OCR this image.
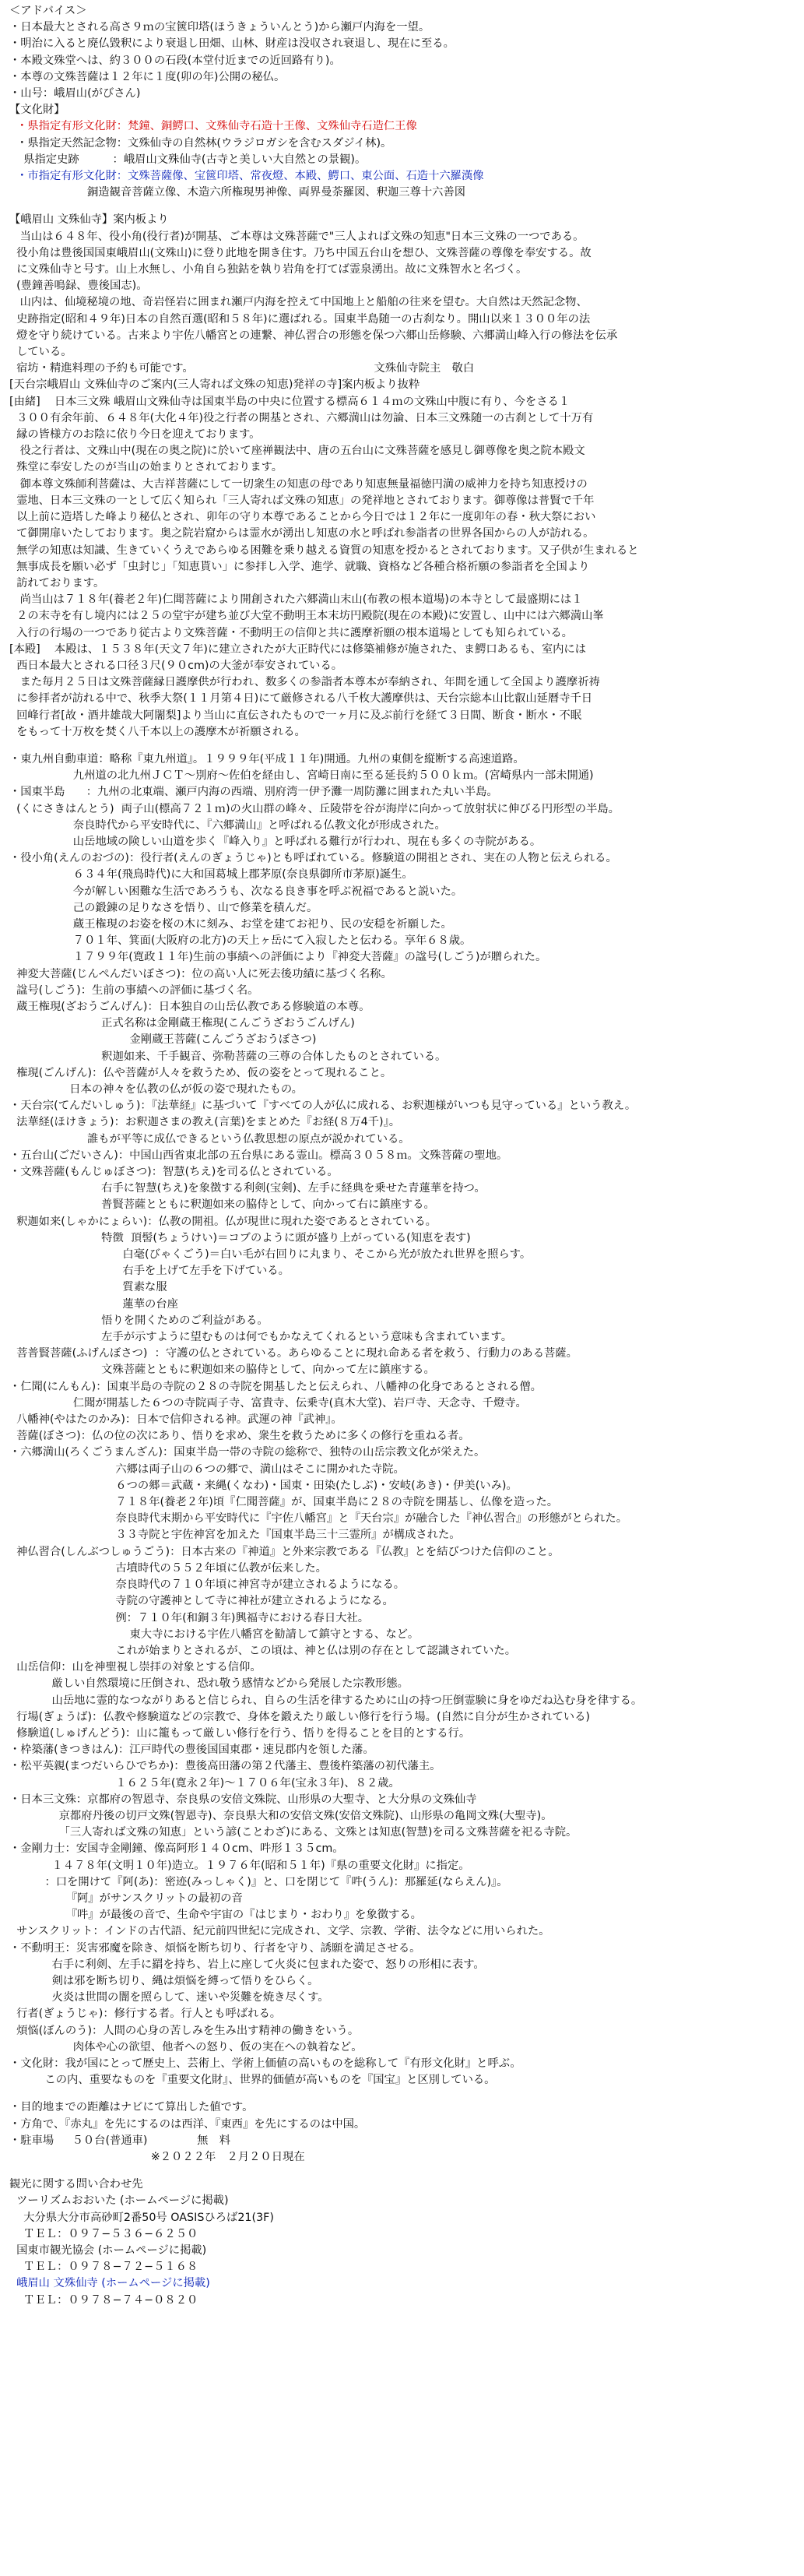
＜アドバイス＞

・日本最大とされる高さ９ｍの宝篋印塔(ほうきょういんとう)から瀬戸内海を一望。

・明治に入ると廃仏毀釈により衰退し田畑、山林、財産は没収され衰退し、現在に至る。

・本殿文殊堂へは、約３００の石段(本堂付近までの近回路有り)。

・本尊の文殊菩薩は１２年に１度(卯の年)公開の秘仏。

・山号：峨眉山(がびさん)

【文化財】

・県指定有形文化財：梵鐘、銅鰐口、文殊仙寺石造十王像、文殊仙寺石造仁王像

・県指定天然記念物：文殊仙寺の自然林(ウラジロガシを含むスダジイ林)。

県指定史跡　　　：峨眉山文殊仙寺(古寺と美しい大自然との景観)。

・市指定有形文化財：文殊菩薩像、宝篋印塔、常夜燈、本殿、鰐口、東公面、石造十六羅漢像

銅造観音菩薩立像、木造六所権現男神像、両界曼荼羅図、釈迦三尊十六善図

【峨眉山 文殊仙寺】案内板より

当山は６４８年、役小角(役行者)が開基、ご本尊は文殊菩薩で"三人よれば文殊の知恵"日本三文殊の一つである。

役小角は豊後国国東峨眉山(文殊山)に登り此地を開き住す。乃ち中国五台山を想ひ、文殊菩薩の尊像を奉安する。故

に文殊仙寺と号す。山上水無し、小角自ら独鈷を執り岩角を打てば霊泉湧出。故に文殊智水と名づく。

(豊鐘善鳴録、豊後国志)。

山内は、仙境秘境の地、奇岩怪岩に囲まれ瀬戸内海を控えて中国地上と船舶の往来を望む。大自然は天然記念物、

史跡指定(昭和４９年)日本の自然百選(昭和５８年)に選ばれる。国東半島随一の古刹なり。開山以来１３００年の法

燈を守り続けている。古来より宇佐八幡宮との連繋、神仏習合の形態を保つ六郷山岳修験、六郷満山峰入行の修法を伝承

している。

宿坊・精進料理の予約も可能です。                                                   文殊仙寺院主　敬白

[天台宗峨眉山 文殊仙寺のご案内(三人寄れば文殊の知恵)発祥の寺]案内板より抜粋

[由緒]    日本三文殊 峨眉山文殊仙寺は国東半島の中央に位置する標高６１４ｍの文殊山中腹に有り、今をさる１

３００有余年前、６４８年(大化４年)役之行者の開基とされ、六郷満山は勿論、日本三文殊随一の古刹として十万有

縁の皆様方のお陰に依り今日を迎えております。

役之行者は、文殊山中(現在の奥之院)に於いて座禅観法中、唐の五台山に文殊菩薩を感見し御尊像を奥之院本殿文

殊堂に奉安したのが当山の始まりとされております。

御本尊文殊師利菩薩は、大吉祥菩薩にして一切衆生の知恵の母であり知恵無量福徳円満の威神力を持ち知恵授けの

霊地、日本三文殊の一として広く知られ「三人寄れば文殊の知恵」の発祥地とされております。御尊像は普賢で千年

以上前に造塔した峰より秘仏とされ、卯年の守り本尊であることから今日では１２年に一度卯年の春・秋大祭におい

て御開扉いたしております。奥之院岩窟からは霊水が湧出し知恵の水と呼ばれ参詣者の世界各国からの人が訪れる。

無学の知恵は知識、生きていくうえであらゆる困難を乗り越える資質の知恵を授かるとされております。又子供が生まれると

無事成長を願い必ず「虫封じ」「知恵貰い」に参拝し入学、進学、就職、資格など各種合格祈願の参詣者を全国より

訪れております。

尚当山は７１８年(養老２年)仁聞菩薩により開創された六郷満山末山(布教の根本道場)の本寺として最盛期には１

２の末寺を有し境内には２５の堂宇が建ち並び大堂不動明王本末坊円殿院(現在の本殿)に安置し、山中には六郷満山峯

入行の行場の一つであり従古より文殊菩薩・不動明王の信仰と共に護摩祈願の根本道場としても知られている。

[本殿]    本殿は、１５３８年(天文７年)に建立されたが大正時代には修築補修が施された、ま鰐口あるも、室内には

西日本最大とされる口径３尺(９０cm)の大釜が奉安されている。

また毎月２５日は文殊菩薩縁日護摩供が行われ、数多くの参詣者本尊本が奉納され、年間を通して全国より護摩祈祷

に参拝者が訪れる中で、秋季大祭(１１月第４日)にて厳修される八千枚大護摩供は、天台宗総本山比叡山延暦寺千日

回峰行者[故・酒井雄哉大阿闍梨]より当山に直伝されたもので一ヶ月に及ぶ前行を経て３日間、断食・断水・不眠

をもって十万枚を焚く八千本以上の護摩木が祈願される。

・東九州自動車道：略称『東九州道』。１９９９年(平成１１年)開通。九州の東側を縦断する高速道路。

九州道の北九州ＪＣＴ〜別府〜佐伯を経由し、宮崎日南に至る延長約５００ｋｍ。(宮崎県内一部未開通)

・国東半島      ：九州の北東端、瀬戸内海の西端、別府湾一伊予灘一周防灘に囲まれた丸い半島。

(くにさきはんとう)  両子山(標高７２１ｍ)の火山群の峰々、丘陵帯を谷が海岸に向かって放射状に伸びる円形型の半島。

奈良時代から平安時代に、『六郷満山』と呼ばれる仏教文化が形成された。

山岳地域の険しい山道を歩く『峰入り』と呼ばれる難行が行われ、現在も多くの寺院がある。

・役小角(えんのおづの)：役行者(えんのぎょうじゃ)とも呼ばれている。修験道の開祖とされ、実在の人物と伝えられる。

６３４年(飛鳥時代)に大和国葛城上郡茅原(奈良県御所市茅原)誕生。

今が解しい困難な生活であろうも、次なる良き事を呼ぶ祝福であると説いた。

己の鍛錬の足りなさを悟り、山で修業を積んだ。

蔵王権現のお姿を桜の木に刻み、お堂を建てお祀り、民の安穏を祈願した。

７０１年、箕面(大阪府の北方)の天上ヶ岳にて入寂したと伝わる。享年６８歳。

１７９９年(寛政１１年)生前の事績への評価により『神変大菩薩』の諡号(しごう)が贈られた。

神変大菩薩(じんぺんだいぼさつ)：位の高い人に死去後功績に基づく名称。

諡号(しごう)：生前の事績への評価に基づく名。

蔵王権現(ざおうごんげん)：日本独自の山岳仏教である修験道の本尊。

正式名称は金剛蔵王権現(こんごうざおうごんげん)

金剛蔵王菩薩(こんごうざおうぼさつ)

釈迦如来、千手観音、弥勒菩薩の三尊の合体したものとされている。

権現(ごんげん)：仏や菩薩が人々を救うため、仮の姿をとって現れること。

日本の神々を仏教の仏が仮の姿で現れたもの。

・天台宗(てんだいしゅう)：『法華経』に基づいて『すべての人が仏に成れる、お釈迦様がいつも見守っている』という教え。

法華経(ほけきょう)：お釈迦さまの教え(言葉)をまとめた『お経(８万4千)』。

誰もが平等に成仏できるという仏教思想の原点が説かれている。

・五台山(ごだいさん)：中国山西省東北部の五台県にある霊山。標高３０５８ｍ。文殊菩薩の聖地。

・文殊菩薩(もんじゅぼさつ)：智慧(ちえ)を司る仏とされている。

右手に智慧(ちえ)を象徴する利剣(宝剣)、左手に経典を乗せた青蓮華を持つ。

普賢菩薩とともに釈迦如来の脇侍として、向かって右に鎮座する。

釈迦如来(しゃかにょらい)：仏教の開祖。仏が現世に現れた姿であるとされている。

特徴  頂髻(ちょうけい)＝コブのように頭が盛り上がっている(知恵を表す)

白毫(びゃくごう)＝白い毛が右回りに丸まり、そこから光が放たれ世界を照らす。

右手を上げて左手を下げている。

質素な服

蓮華の台座

悟りを開くためのご利益がある。

左手が示すように望むものは何でもかなえてくれるという意味も含まれています。

菩普賢菩薩(ふげんぼさつ)  ：守護の仏とされている。あらゆることに現れ命ある者を救う、行動力のある菩薩。

文殊菩薩とともに釈迦如来の脇侍として、向かって左に鎮座する。

・仁聞(にんもん)：国東半島の寺院の２８の寺院を開基したと伝えられ、八幡神の化身であるとされる僧。

仁聞が開基した６つの寺院両子寺、富貴寺、伝乗寺(真木大堂)、岩戸寺、天念寺、千燈寺。

八幡神(やはたのかみ)：日本で信仰される神。武運の神『武神』。

菩薩(ぼさつ)：仏の位の次にあり、悟りを求め、衆生を救うために多くの修行を重ねる者。

・六郷満山(ろくごうまんざん)：国東半島一帯の寺院の総称で、独特の山岳宗教文化が栄えた。

六郷は両子山の６つの郷で、満山はそこに開かれた寺院。

６つの郷＝武蔵・来縄(くなわ)・国東・田染(たしぶ)・安岐(あき)・伊美(いみ)。

７１８年(養老２年)頃『仁聞菩薩』が、国東半島に２８の寺院を開基し、仏像を造った。

奈良時代末期から平安時代に『宇佐八幡宮』と『天台宗』が融合した『神仏習合』の形態がとられた。

３３寺院と宇佐神宮を加えた『国東半島三十三霊所』が構成された。

神仏習合(しんぶつしゅうごう)：日本古来の『神道』と外来宗教である『仏教』とを結びつけた信仰のこと。

古墳時代の５５２年頃に仏教が伝来した。

奈良時代の７１０年頃に神宮寺が建立されるようになる。

寺院の守護神として寺に神社が建立されるようになる。

例：７１０年(和銅３年)興福寺における春日大社。

東大寺における宇佐八幡宮を勧請して鎮守とする、など。

これが始まりとされるが、この頃は、神と仏は別の存在として認識されていた。

山岳信仰：山を神聖視し崇拝の対象とする信仰。

厳しい自然環境に圧倒され、恐れ敬う感情などから発展した宗教形態。

山岳地に霊的なつながりあると信じられ、自らの生活を律するために山の持つ圧倒霊験に身をゆだね込む身を律する。

行場(ぎょうば)：仏教や修験道などの宗教で、身体を鍛えたり厳しい修行を行う場。(自然に自分が生かされている)

修験道(しゅげんどう)：山に籠もって厳しい修行を行う、悟りを得ることを目的とする行。

・枠築藩(きつきはん)：江戸時代の豊後国国東郡・速見郡内を領した藩。

・松平英親(まつだいらひでちか)：豊後高田藩の第２代藩主、豊後杵築藩の初代藩主。

１６２５年(寛永２年)〜１７０６年(宝永３年)、８２歳。

・日本三文殊：京都府の智恩寺、奈良県の安倍文殊院、山形県の大聖寺、と大分県の文殊仙寺

京都府丹後の切戸文殊(智恩寺)、奈良県大和の安倍文殊(安倍文殊院)、山形県の亀岡文殊(大聖寺)。

「三人寄れば文殊の知恵」という諺(ことわざ)にある、文殊とは知恵(智慧)を司る文殊菩薩を祀る寺院。

・金剛力士：安国寺金剛鐘、像高阿形１４０cm、吽形１３５cm。

１４７８年(文明１０年)造立。１９７６年(昭和５１年)『県の重要文化財』に指定。

：口を開けて『阿(あ)：密迹(みっしゃく)』と、口を閉じて『吽(うん)：那羅延(ならえん)』。

『阿』がサンスクリットの最初の音

『吽』が最後の音で、生命や宇宙の『はじまり・おわり』を象徴する。

サンスクリット：インドの古代語、紀元前四世紀に完成され、文学、宗教、学術、法令などに用いられた。

・不動明王：災害邪魔を除き、煩悩を断ち切り、行者を守り、誘願を満足させる。

右手に利剣、左手に羂を持ち、岩上に座して火炎に包まれた姿で、怒りの形相に表す。

剣は邪を断ち切り、縄は煩悩を縛って悟りをひらく。

火炎は世間の闇を照らして、迷いや災難を焼き尽くす。

行者(ぎょうじゃ)：修行する者。行人とも呼ばれる。

煩悩(ぼんのう)：人間の心身の苦しみを生み出す精神の働きをいう。

肉体や心の欲望、他者への怒り、仮の実在への執着など。

・文化財：我が国にとって歴史上、芸術上、学術上価値の高いものを総称して『有形文化財』と呼ぶ。

この内、重要なものを『重要文化財』、世界的価値が高いものを『国宝』と区別している。

・目的地までの距離はナビにて算出した値です。

・方角で、『赤丸』を先にするのは西洋、『東西』を先にするのは中国。

・駐車場　  ５０台(普通車)              無　料

※２０２２年　２月２０日現在

観光に関する問い合わせ先

ツーリズムおおいた (ホームページに掲載)

大分県大分市高砂町2番50号 OASISひろば21(3F)

ＴＥＬ：０９７−５３６−６２５０

国東市観光協会 (ホームページに掲載)

ＴＥＬ：０９７８−７２−５１６８

峨眉山 文殊仙寺 (ホームページに掲載)

ＴＥＬ：０９７８−７４−０８２０
